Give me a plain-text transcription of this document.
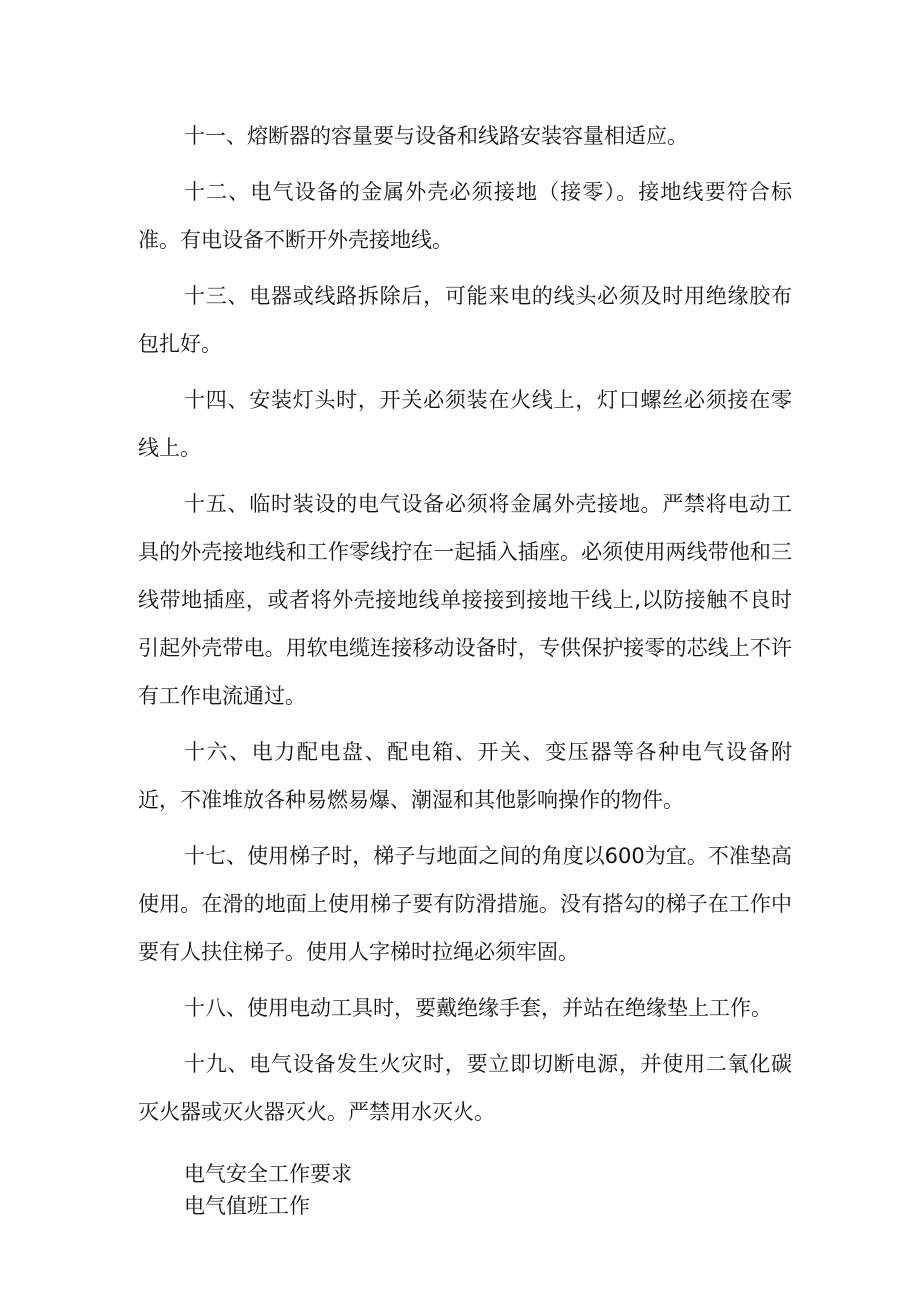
十一、熔断器的容量要与设备和线路安装容量相适应。

十二、电气设备的金属外壳必须接地（接零）。接地线要符合标准。有电设备不断开外壳接地线。

十三、电器或线路拆除后，可能来电的线头必须及时用绝缘胶布包扎好。

十四、安装灯头时，开关必须装在火线上，灯口螺丝必须接在零线上。

十五、临时装设的电气设备必须将金属外壳接地。严禁将电动工具的外壳接地线和工作零线拧在一起插入插座。必须使用两线带他和三线带地插座，或者将外壳接地线单接接到接地干线上,以防接触不良时引起外壳带电。用软电缆连接移动设备时，专供保护接零的芯线上不许有工作电流通过。

十六、电力配电盘、配电箱、开关、变压器等各种电气设备附近，不准堆放各种易燃易爆、潮湿和其他影响操作的物件。

十七、使用梯子时，梯子与地面之间的角度以600为宜。不准垫高使用。在滑的地面上使用梯子要有防滑措施。没有搭勾的梯子在工作中要有人扶住梯子。使用人字梯时拉绳必须牢固。

十八、使用电动工具时，要戴绝缘手套，并站在绝缘垫上工作。

十九、电气设备发生火灾时，要立即切断电源，并使用二氧化碳灭火器或灭火器灭火。严禁用水灭火。

电气安全工作要求

电气值班工作
